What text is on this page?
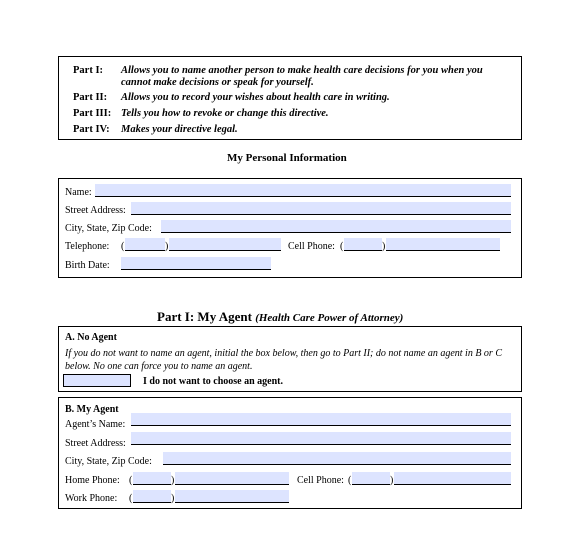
Part I: Allows you to name another person to make health care decisions for you when you
cannot make decisions or speak for yourself.
Part II: Allows you to record your wishes about health care in writing.
Part III: Tells you how to revoke or change this directive.
Part IV: Makes your directive legal.
My Personal Information
Name:
Street Address:
City, State, Zip Code:
Telephone: (	)	Cell Phone: (	)
Birth Date:
Part I: My Agent (Health Care Power of Attorney)
A. No Agent
If you do not want to name an agent, initial the box below, then go to Part II; do not name an agent in B or C below. No one can force you to name an agent.
I do not want to choose an agent.
B. My Agent
Agent’s Name:
Street Address:
City, State, Zip Code:
Home Phone: (	)	Cell Phone: (	)
Work Phone: (	)
